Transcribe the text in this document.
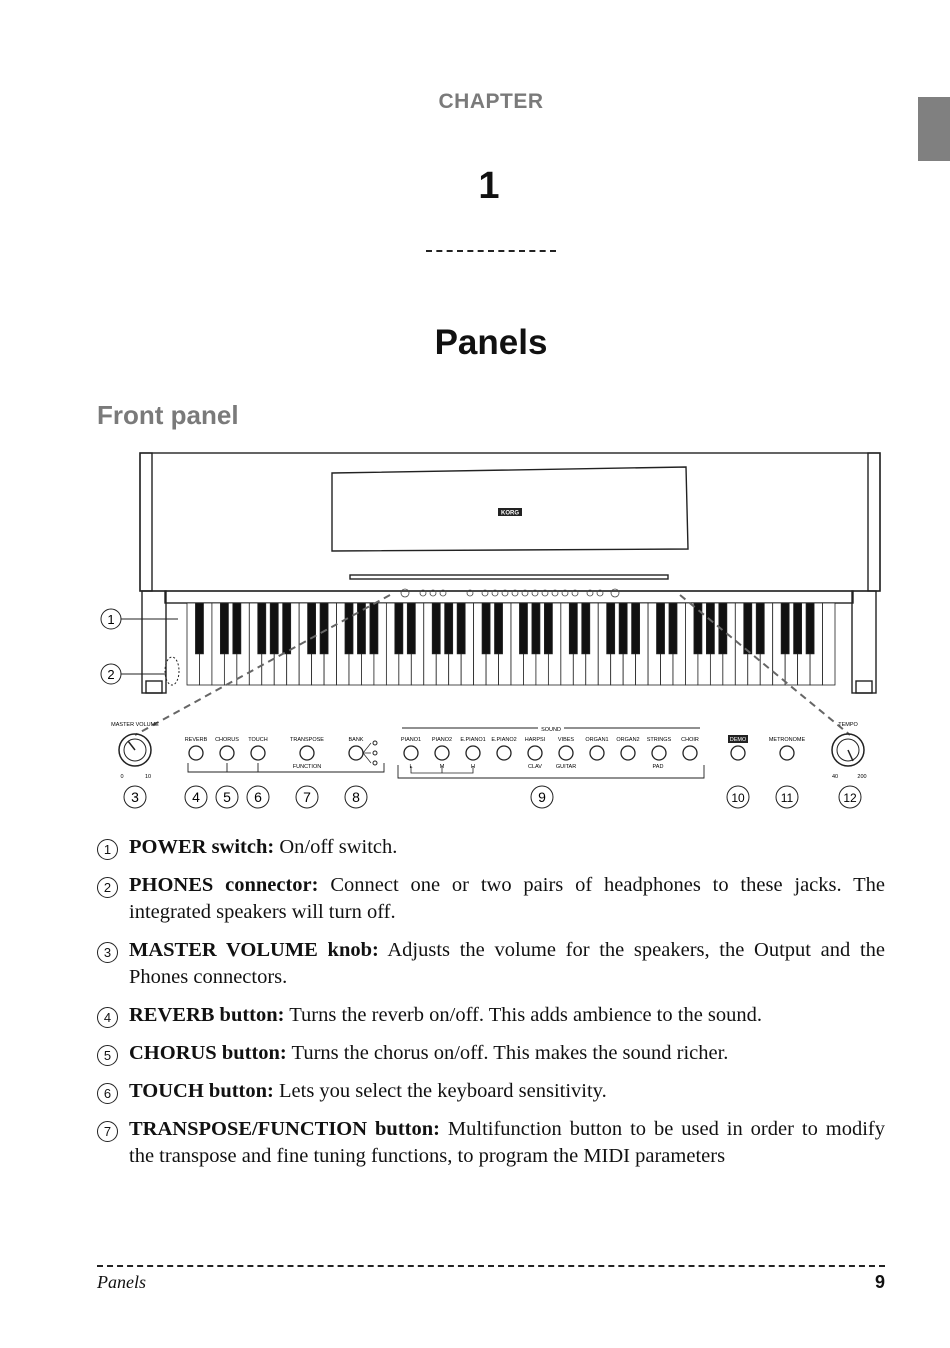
CHAPTER
1
Panels
Front panel
KORG
1
2
MASTER VOLUME
0	10
TEMPO
40	200
REVERB CHORUS TOUCH	TRANSPOSE
FUNCTION
BANK
SOUND
PIANO1 PIANO2 E.PIANO1 E.PIANO2 HARPSI VIBES ORGAN1 ORGAN2 STRINGS CHOIR
L	M	H	CLAV	GUITAR	PAD
DEMO	METRONOME
3	4 5 6	7	8	9	10	11	12
1 POWER switch: On/off switch.
2 PHONES connector: Connect one or two pairs of headphones to these jacks. The integrated speakers will turn off.
3 MASTER VOLUME knob: Adjusts the volume for the speakers, the Output and the Phones connectors.
4 REVERB button: Turns the reverb on/off. This adds ambience to the sound.
5 CHORUS button: Turns the chorus on/off. This makes the sound richer.
6 TOUCH button: Lets you select the keyboard sensitivity.
7 TRANSPOSE/FUNCTION button: Multifunction button to be used in order to modify the transpose and fine tuning functions, to program the MIDI parameters
Panels	9
